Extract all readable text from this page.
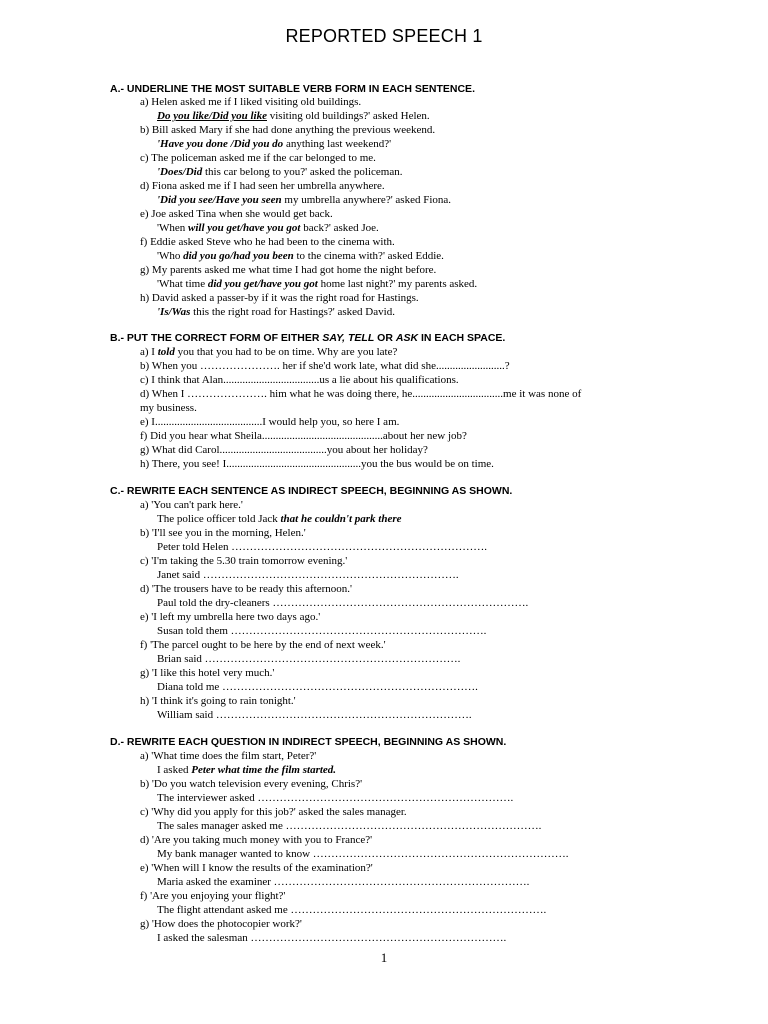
REPORTED SPEECH 1
A.- UNDERLINE THE MOST SUITABLE VERB FORM IN EACH SENTENCE.
a) Helen asked me if I liked visiting old buildings.
Do you like/Did you like visiting old buildings?' asked Helen.
b) Bill asked Mary if she had done anything the previous weekend.
'Have you done /Did you do anything last weekend?'
c) The policeman asked me if the car belonged to me.
'Does/Did this car belong to you?' asked the policeman.
d) Fiona asked me if I had seen her umbrella anywhere.
'Did you see/Have you seen my umbrella anywhere?' asked Fiona.
e) Joe asked Tina when she would get back.
'When will you get/have you got back?' asked Joe.
f) Eddie asked Steve who he had been to the cinema with.
'Who did you go/had you been to the cinema with?' asked Eddie.
g) My parents asked me what time I had got home the night before.
'What time did you get/have you got home last night?' my parents asked.
h) David asked a passer-by if it was the right road for Hastings.
'Is/Was this the right road for Hastings?' asked David.
B.- PUT THE CORRECT FORM OF EITHER SAY, TELL OR ASK IN EACH SPACE.
a) I told you that you had to be on time. Why are you late?
b) When you …………………. her if she'd work late, what did she.........................?
c) I think that Alan...................................us a lie about his qualifications.
d) When I …………………. him what he was doing there, he.................................me it was none of
my business.
e) I.......................................I would help you, so here I am.
f) Did you hear what Sheila............................................about her new job?
g) What did Carol.......................................you about her holiday?
h) There, you see! I.................................................you the bus would be on time.
C.- REWRITE EACH SENTENCE AS INDIRECT SPEECH, BEGINNING AS SHOWN.
a) 'You can't park here.'
The police officer told Jack that he couldn't park there
b) 'I'll see you in the morning, Helen.'
Peter told Helen …………………………………………………………….
c) 'I'm taking the 5.30 train tomorrow evening.'
Janet said …………………………………………………………….
d) 'The trousers have to be ready this afternoon.'
Paul told the dry-cleaners …………………………………………………………….
e) 'I left my umbrella here two days ago.'
Susan told them …………………………………………………………….
f) 'The parcel ought to be here by the end of next week.'
Brian said …………………………………………………………….
g) 'I like this hotel very much.'
Diana told me …………………………………………………………….
h) 'I think it's going to rain tonight.'
William said …………………………………………………………….
D.- REWRITE EACH QUESTION IN INDIRECT SPEECH, BEGINNING AS SHOWN.
a) 'What time does the film start, Peter?'
I asked Peter what time the film started.
b) 'Do you watch television every evening, Chris?'
The interviewer asked …………………………………………………………….
c) 'Why did you apply for this job?' asked the sales manager.
The sales manager asked me …………………………………………………………….
d) 'Are you taking much money with you to France?'
My bank manager wanted to know …………………………………………………………….
e) 'When will I know the results of the examination?'
Maria asked the examiner …………………………………………………………….
f) 'Are you enjoying your flight?'
The flight attendant asked me …………………………………………………………….
g) 'How does the photocopier work?'
I asked the salesman …………………………………………………………….
1
